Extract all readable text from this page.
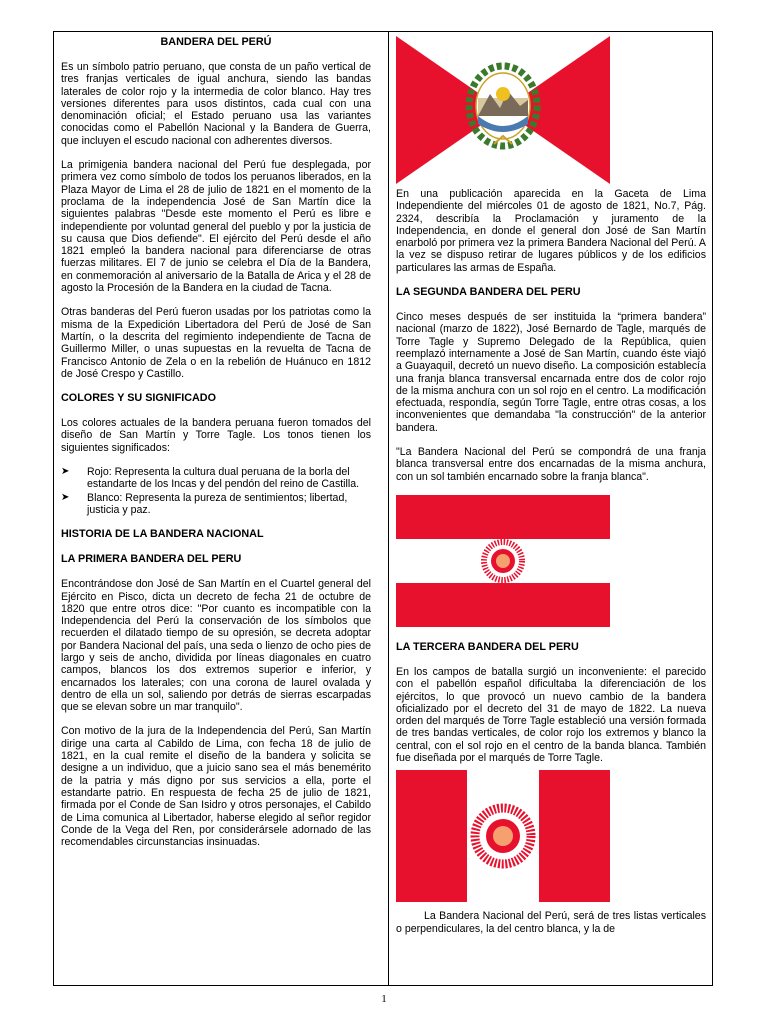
BANDERA DEL PERÚ

Es un símbolo patrio peruano, que consta de un paño vertical de tres franjas verticales de igual anchura, siendo las bandas laterales de color rojo y la intermedia de color blanco. Hay tres versiones diferentes para usos distintos, cada cual con una denominación oficial; el Estado peruano usa las variantes conocidas como el Pabellón Nacional y la Bandera de Guerra, que incluyen el escudo nacional con adherentes diversos.

La primigenia bandera nacional del Perú fue desplegada, por primera vez como símbolo de todos los peruanos liberados, en la Plaza Mayor de Lima el 28 de julio de 1821 en el momento de la proclama de la independencia José de San Martín dice la siguientes palabras "Desde este momento el Perú es libre e independiente por voluntad general del pueblo y por la justicia de su causa que Dios defiende". El ejército del Perú desde el año 1821 empleó la bandera nacional para diferenciarse de otras fuerzas militares. El 7 de junio se celebra el Día de la Bandera, en conmemoración al aniversario de la Batalla de Arica y el 28 de agosto la Procesión de la Bandera en la ciudad de Tacna.

Otras banderas del Perú fueron usadas por los patriotas como la misma de la Expedición Libertadora del Perú de José de San Martín, o la descrita del regimiento independiente de Tacna de Guillermo Miller, o unas supuestas en la revuelta de Tacna de Francisco Antonio de Zela o en la rebelión de Huánuco en 1812 de José Crespo y Castillo.

COLORES Y SU SIGNIFICADO

Los colores actuales de la bandera peruana fueron tomados del diseño de San Martín y Torre Tagle. Los tonos tienen los siguientes significados:

➤ Rojo: Representa la cultura dual peruana de la borla del estandarte de los Incas y del pendón del reino de Castilla.
➤ Blanco: Representa la pureza de sentimientos; libertad, justicia y paz.
HISTORIA DE LA BANDERA NACIONAL
LA PRIMERA BANDERA DEL PERU

Encontrándose don José de San Martín en el Cuartel general del Ejército en Pisco, dicta un decreto de fecha 21 de octubre de 1820 que entre otros dice: "Por cuanto es incompatible con la Independencia del Perú la conservación de los símbolos que recuerden el dilatado tiempo de su opresión, se decreta adoptar por Bandera Nacional del país, una seda o lienzo de ocho pies de largo y seis de ancho, dividida por líneas diagonales en cuatro campos, blancos los dos extremos superior e inferior, y encarnados los laterales; con una corona de laurel ovalada y dentro de ella un sol, saliendo por detrás de sierras escarpadas que se elevan sobre un mar tranquilo".

Con motivo de la jura de la Independencia del Perú, San Martín dirige una carta al Cabildo de Lima, con fecha 18 de julio de 1821, en la cual remite el diseño de la bandera y solicita se designe a un individuo, que a juicio sano sea el más benemérito de la patria y más digno por sus servicios a ella, porte el estandarte patrio. En respuesta de fecha 25 de julio de 1821, firmada por el Conde de San Isidro y otros personajes, el Cabildo de Lima comunica al Libertador, haberse elegido al señor regidor Conde de la Vega del Ren, por considerársele adornado de las recomendables circunstancias insinuadas.

En una publicación aparecida en la Gaceta de Lima Independiente del miércoles 01 de agosto de 1821, No.7, Pág. 2324, describía la Proclamación y juramento de la Independencia, en donde el general don José de San Martín enarboló por primera vez la primera Bandera Nacional del Perú. A la vez se dispuso retirar de lugares públicos y de los edificios particulares las armas de España.

LA SEGUNDA BANDERA DEL PERU

Cinco meses después de ser instituida la “primera bandera” nacional (marzo de 1822), José Bernardo de Tagle, marqués de Torre Tagle y Supremo Delegado de la República, quien reemplazó internamente a José de San Martín, cuando éste viajó a Guayaquil, decretó un nuevo diseño. La composición establecía una franja blanca transversal encarnada entre dos de color rojo de la misma anchura con un sol rojo en el centro. La modificación efectuada, respondía, según Torre Tagle, entre otras cosas, a los inconvenientes que demandaba "la construcción" de la anterior bandera.

"La Bandera Nacional del Perú se compondrá de una franja blanca transversal entre dos encarnadas de la misma anchura, con un sol también encarnado sobre la franja blanca".

LA TERCERA BANDERA DEL PERU

En los campos de batalla surgió un inconveniente: el parecido con el pabellón español dificultaba la diferenciación de los ejércitos, lo que provocó un nuevo cambio de la bandera oficializado por el decreto del 31 de mayo de 1822. La nueva orden del marqués de Torre Tagle estableció una versión formada de tres bandas verticales, de color rojo los extremos y blanco la central, con el sol rojo en el centro de la banda blanca. También fue diseñada por el marqués de Torre Tagle.

La Bandera Nacional del Perú, será de tres listas verticales o perpendiculares, la del centro blanca, y la de

1
